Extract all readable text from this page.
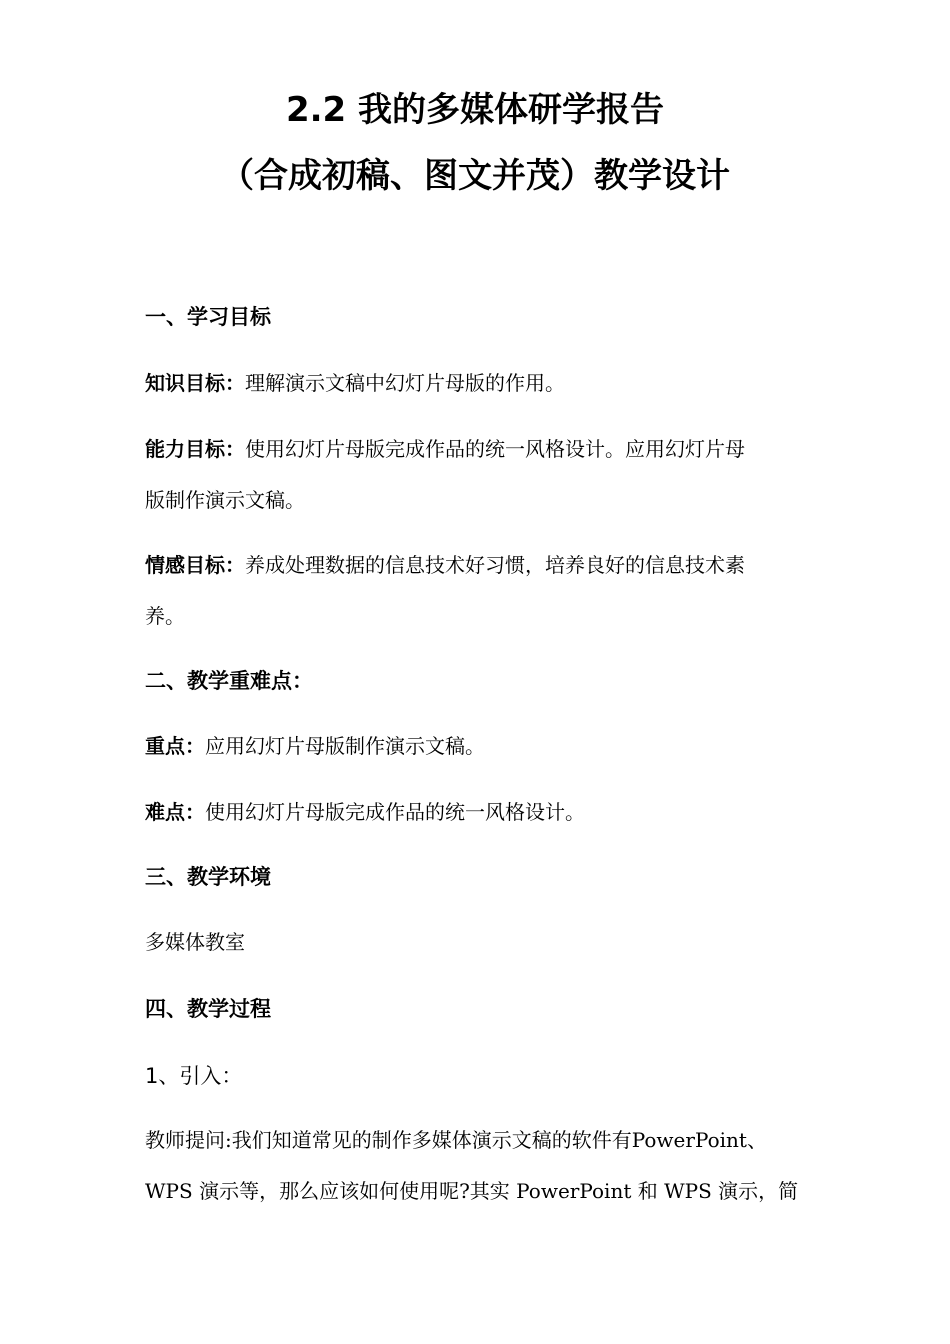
2.2 我的多媒体研学报告
（合成初稿、图文并茂）教学设计
一、学习目标
知识目标：理解演示文稿中幻灯片母版的作用。
能力目标：使用幻灯片母版完成作品的统一风格设计。应用幻灯片母
版制作演示文稿。
情感目标：养成处理数据的信息技术好习惯，培养良好的信息技术素
养。
二、教学重难点：
重点：应用幻灯片母版制作演示文稿。
难点：使用幻灯片母版完成作品的统一风格设计。
三、教学环境
多媒体教室
四、教学过程
1、引入：
教师提问:我们知道常见的制作多媒体演示文稿的软件有PowerPoint、
WPS 演示等，那么应该如何使用呢?其实 PowerPoint 和 WPS 演示，简
